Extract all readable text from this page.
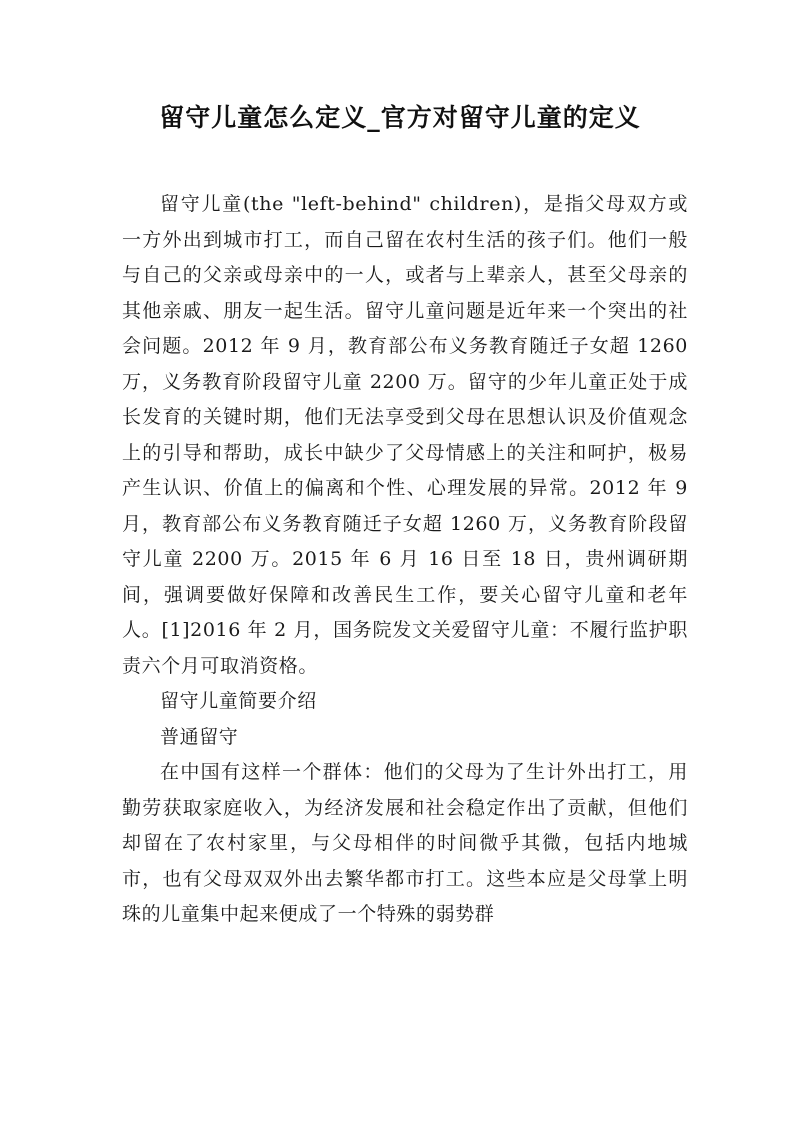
留守儿童怎么定义_官方对留守儿童的定义

留守儿童(the "left-behind" children)，是指父母双方或一方外出到城市打工，而自己留在农村生活的孩子们。他们一般与自己的父亲或母亲中的一人，或者与上辈亲人，甚至父母亲的其他亲戚、朋友一起生活。留守儿童问题是近年来一个突出的社会问题。2012 年 9 月，教育部公布义务教育随迁子女超 1260 万，义务教育阶段留守儿童 2200 万。留守的少年儿童正处于成长发育的关键时期，他们无法享受到父母在思想认识及价值观念上的引导和帮助，成长中缺少了父母情感上的关注和呵护，极易产生认识、价值上的偏离和个性、心理发展的异常。2012 年 9 月，教育部公布义务教育随迁子女超 1260 万，义务教育阶段留守儿童 2200 万。2015 年 6 月 16 日至 18 日，贵州调研期间，强调要做好保障和改善民生工作，要关心留守儿童和老年人。[1]2016 年 2 月，国务院发文关爱留守儿童：不履行监护职责六个月可取消资格。

留守儿童简要介绍

普通留守

在中国有这样一个群体：他们的父母为了生计外出打工，用勤劳获取家庭收入，为经济发展和社会稳定作出了贡献，但他们却留在了农村家里，与父母相伴的时间微乎其微，包括内地城市，也有父母双双外出去繁华都市打工。这些本应是父母掌上明珠的儿童集中起来便成了一个特殊的弱势群
